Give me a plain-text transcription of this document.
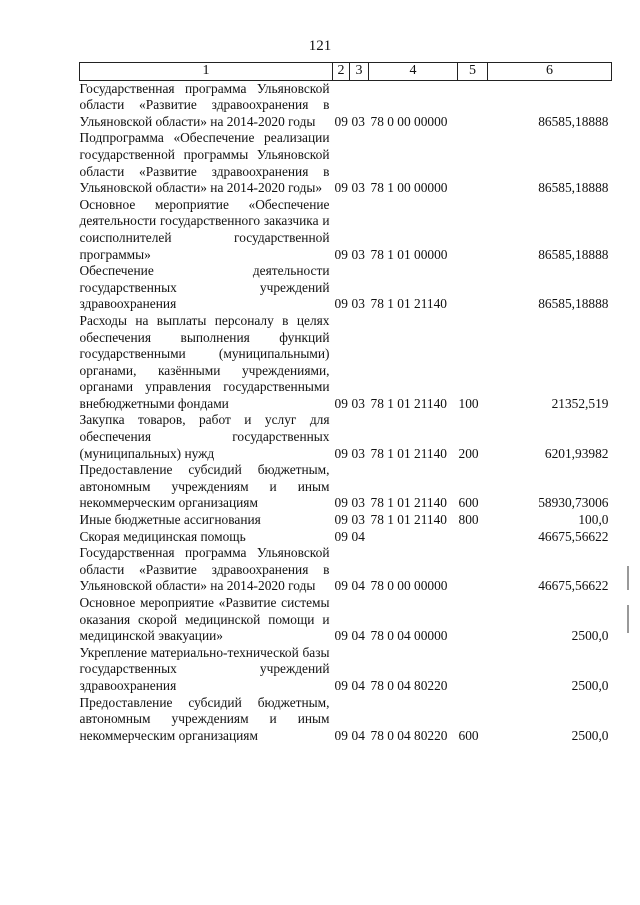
121
1	2	3	4	5	6
Государственная программа Ульяновской области «Развитие здравоохранения в Ульяновской области» на 2014-2020 годы	09	03	78 0 00 00000		86585,18888
Подпрограмма «Обеспечение реализации государственной программы Ульяновской области «Развитие здравоохранения в Ульяновской области» на 2014-2020 годы»	09	03	78 1 00 00000		86585,18888
Основное мероприятие «Обеспечение деятельности государственного заказчика и соисполнителей государственной программы»	09	03	78 1 01 00000		86585,18888
Обеспечение деятельности государственных учреждений здравоохранения	09	03	78 1 01 21140		86585,18888
Расходы на выплаты персоналу в целях обеспечения выполнения функций государственными (муниципальными) органами, казёнными учреждениями, органами управления государственными внебюджетными фондами	09	03	78 1 01 21140	100	21352,519
Закупка товаров, работ и услуг для обеспечения государственных (муниципальных) нужд	09	03	78 1 01 21140	200	6201,93982
Предоставление субсидий бюджетным, автономным учреждениям и иным некоммерческим организациям	09	03	78 1 01 21140	600	58930,73006
Иные бюджетные ассигнования	09	03	78 1 01 21140	800	100,0
Скорая медицинская помощь	09	04			46675,56622
Государственная программа Ульяновской области «Развитие здравоохранения в Ульяновской области» на 2014-2020 годы	09	04	78 0 00 00000		46675,56622
Основное мероприятие «Развитие системы оказания скорой медицинской помощи и медицинской эвакуации»	09	04	78 0 04 00000		2500,0
Укрепление материально-технической базы государственных учреждений здравоохранения	09	04	78 0 04 80220		2500,0
Предоставление субсидий бюджетным, автономным учреждениям и иным некоммерческим организациям	09	04	78 0 04 80220	600	2500,0
